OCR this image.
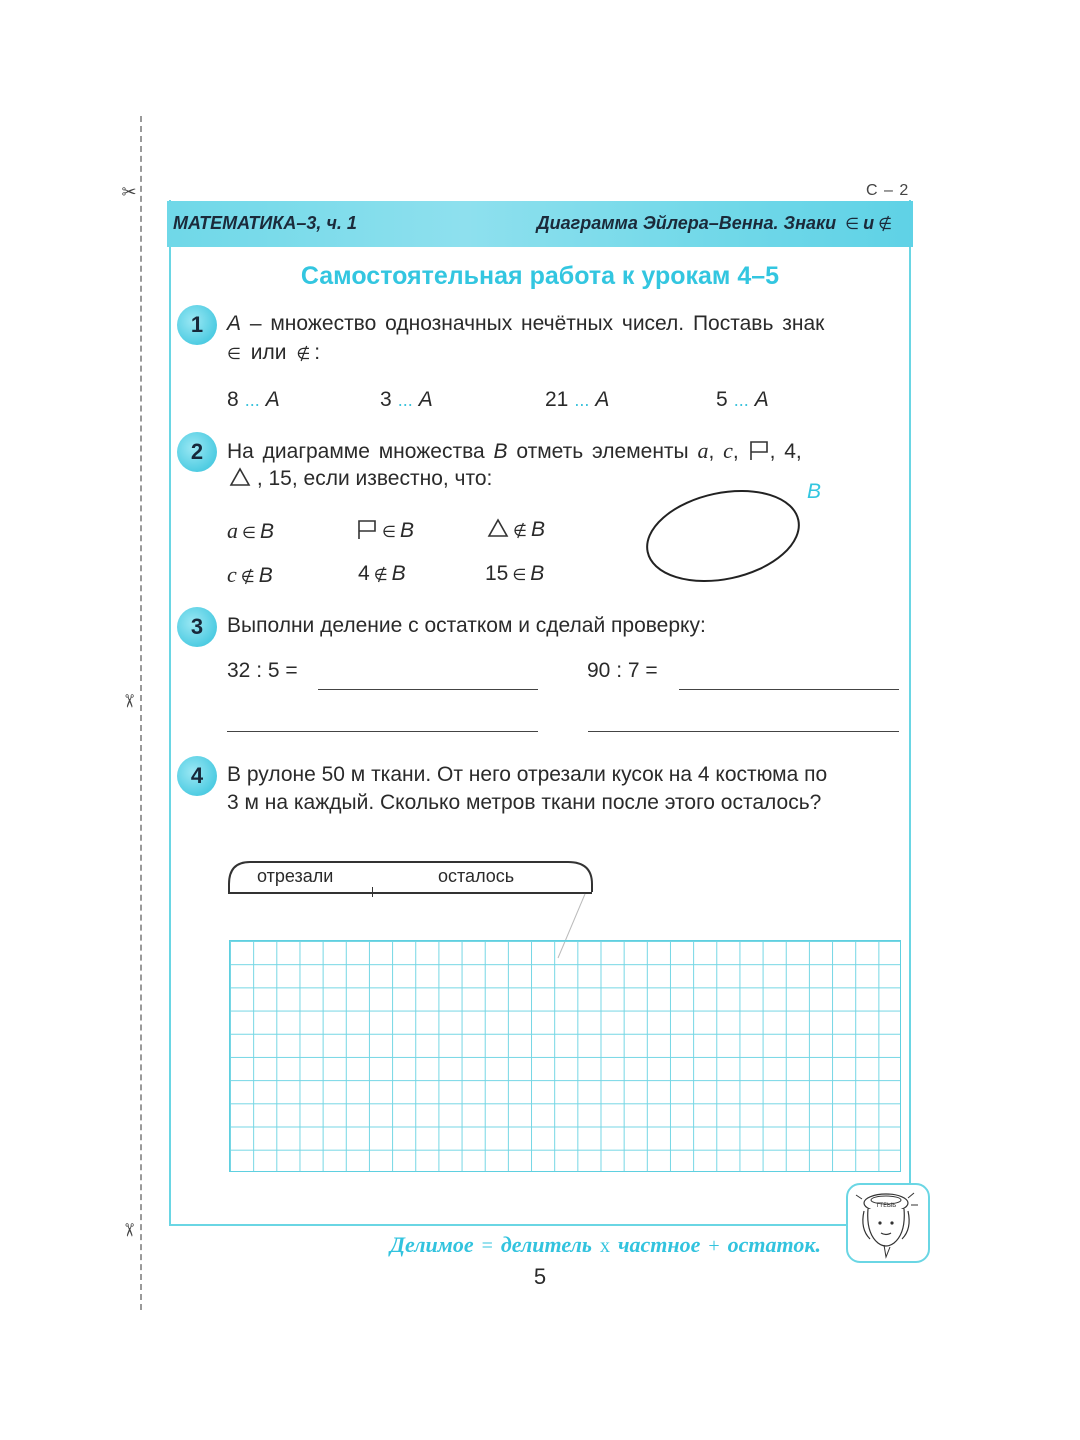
✂
✂
✂
С – 2
МАТЕМАТИКА–3, ч. 1	Диаграмма Эйлера–Венна. Знаки ∈ и ∉
Самостоятельная работа к урокам 4–5
1	А – множество однозначных нечётных чисел. Поставь знак
∈ или ∉ :
8 ... А	3 ... А	21 ... А	5 ... А
2	На диаграмме множества B отметь элементы a, c, , 4,
, 15, если известно, что:
a ∈ B	∈ B	∉ B
c ∉ B	4 ∉ B	15 ∈ B
B
3	Выполни деление с остатком и сделай проверку:
32 : 5 =	90 : 7 =
4	В рулоне 50 м ткани. От него отрезали кусок на 4 костюма по
3 м на каждый. Сколько метров ткани после этого осталось?
отрезали	осталось
Делимое = делитель x частное + остаток.
ТТЕЫЬ
5
